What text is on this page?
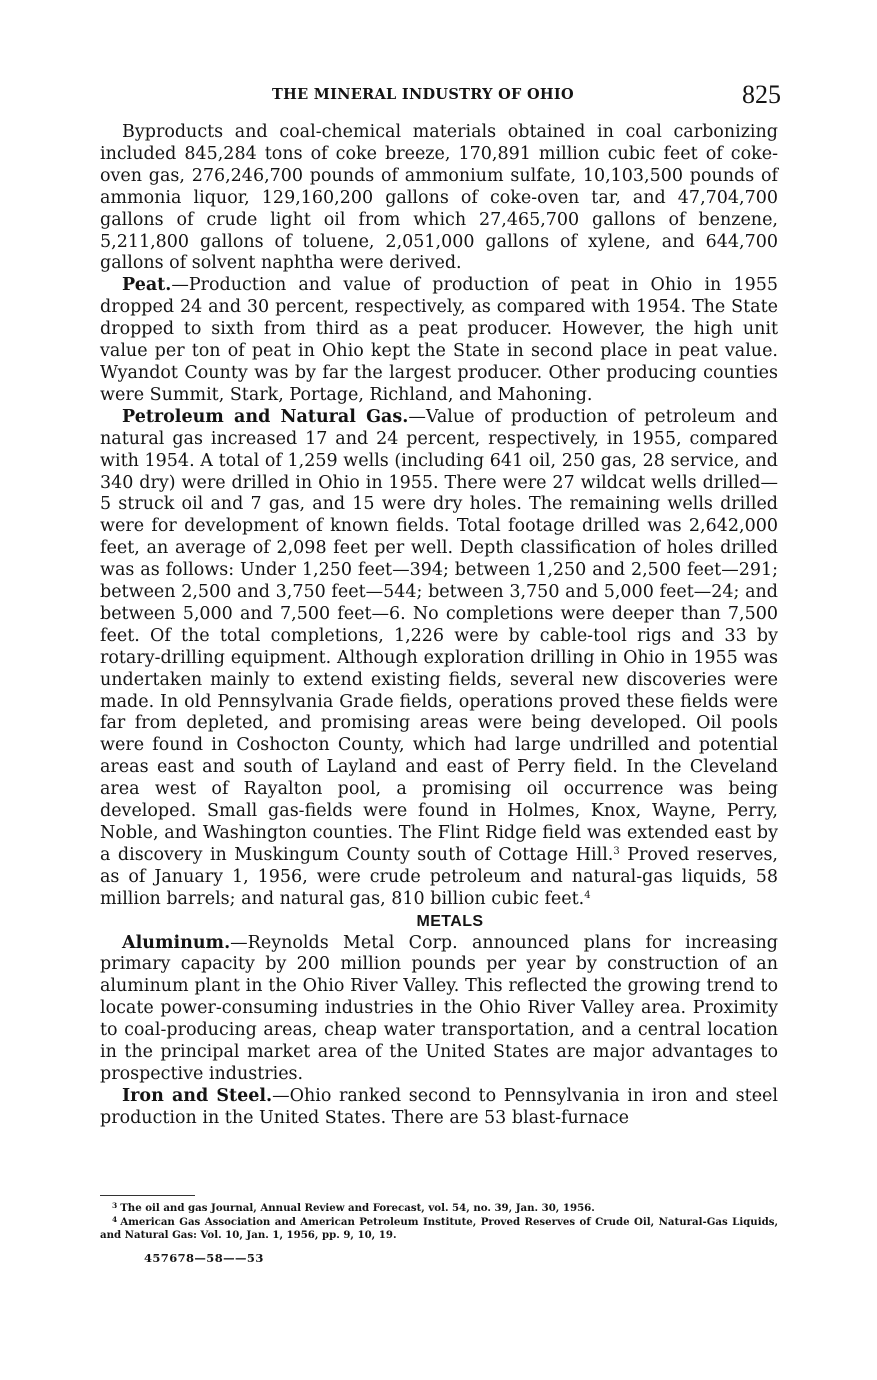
THE MINERAL INDUSTRY OF OHIO	825

Byproducts and coal-chemical materials obtained in coal carbonizing included 845,284 tons of coke breeze, 170,891 million cubic feet of coke-oven gas, 276,246,700 pounds of ammonium sulfate, 10,103,500 pounds of ammonia liquor, 129,160,200 gallons of coke-oven tar, and 47,704,700 gallons of crude light oil from which 27,465,700 gallons of benzene, 5,211,800 gallons of toluene, 2,051,000 gallons of xylene, and 644,700 gallons of solvent naphtha were derived.

Peat.—Production and value of production of peat in Ohio in 1955 dropped 24 and 30 percent, respectively, as compared with 1954. The State dropped to sixth from third as a peat producer. However, the high unit value per ton of peat in Ohio kept the State in second place in peat value. Wyandot County was by far the largest producer. Other producing counties were Summit, Stark, Portage, Richland, and Mahoning.

Petroleum and Natural Gas.—Value of production of petroleum and natural gas increased 17 and 24 percent, respectively, in 1955, compared with 1954. A total of 1,259 wells (including 641 oil, 250 gas, 28 service, and 340 dry) were drilled in Ohio in 1955. There were 27 wildcat wells drilled—5 struck oil and 7 gas, and 15 were dry holes. The remaining wells drilled were for development of known fields. Total footage drilled was 2,642,000 feet, an average of 2,098 feet per well. Depth classification of holes drilled was as follows: Under 1,250 feet—394; between 1,250 and 2,500 feet—291; between 2,500 and 3,750 feet—544; between 3,750 and 5,000 feet—24; and between 5,000 and 7,500 feet—6. No completions were deeper than 7,500 feet. Of the total completions, 1,226 were by cable-tool rigs and 33 by rotary-drilling equipment. Although exploration drilling in Ohio in 1955 was undertaken mainly to extend existing fields, several new discoveries were made. In old Pennsylvania Grade fields, operations proved these fields were far from depleted, and promising areas were being developed. Oil pools were found in Coshocton County, which had large undrilled and potential areas east and south of Layland and east of Perry field. In the Cleveland area west of Rayalton pool, a promising oil occurrence was being developed. Small gas-fields were found in Holmes, Knox, Wayne, Perry, Noble, and Washington counties. The Flint Ridge field was extended east by a discovery in Muskingum County south of Cottage Hill.$^3$ Proved reserves, as of January 1, 1956, were crude petroleum and natural-gas liquids, 58 million barrels; and natural gas, 810 billion cubic feet.$^4$

METALS

Aluminum.—Reynolds Metal Corp. announced plans for increasing primary capacity by 200 million pounds per year by construction of an aluminum plant in the Ohio River Valley. This reflected the growing trend to locate power-consuming industries in the Ohio River Valley area. Proximity to coal-producing areas, cheap water transportation, and a central location in the principal market area of the United States are major advantages to prospective industries.

Iron and Steel.—Ohio ranked second to Pennsylvania in iron and steel production in the United States. There are 53 blast-furnace

$^3$ The oil and gas Journal, Annual Review and Forecast, vol. 54, no. 39, Jan. 30, 1956.

$^4$ American Gas Association and American Petroleum Institute, Proved Reserves of Crude Oil, Natural-Gas Liquids, and Natural Gas: Vol. 10, Jan. 1, 1956, pp. 9, 10, 19.

457678—58——53
